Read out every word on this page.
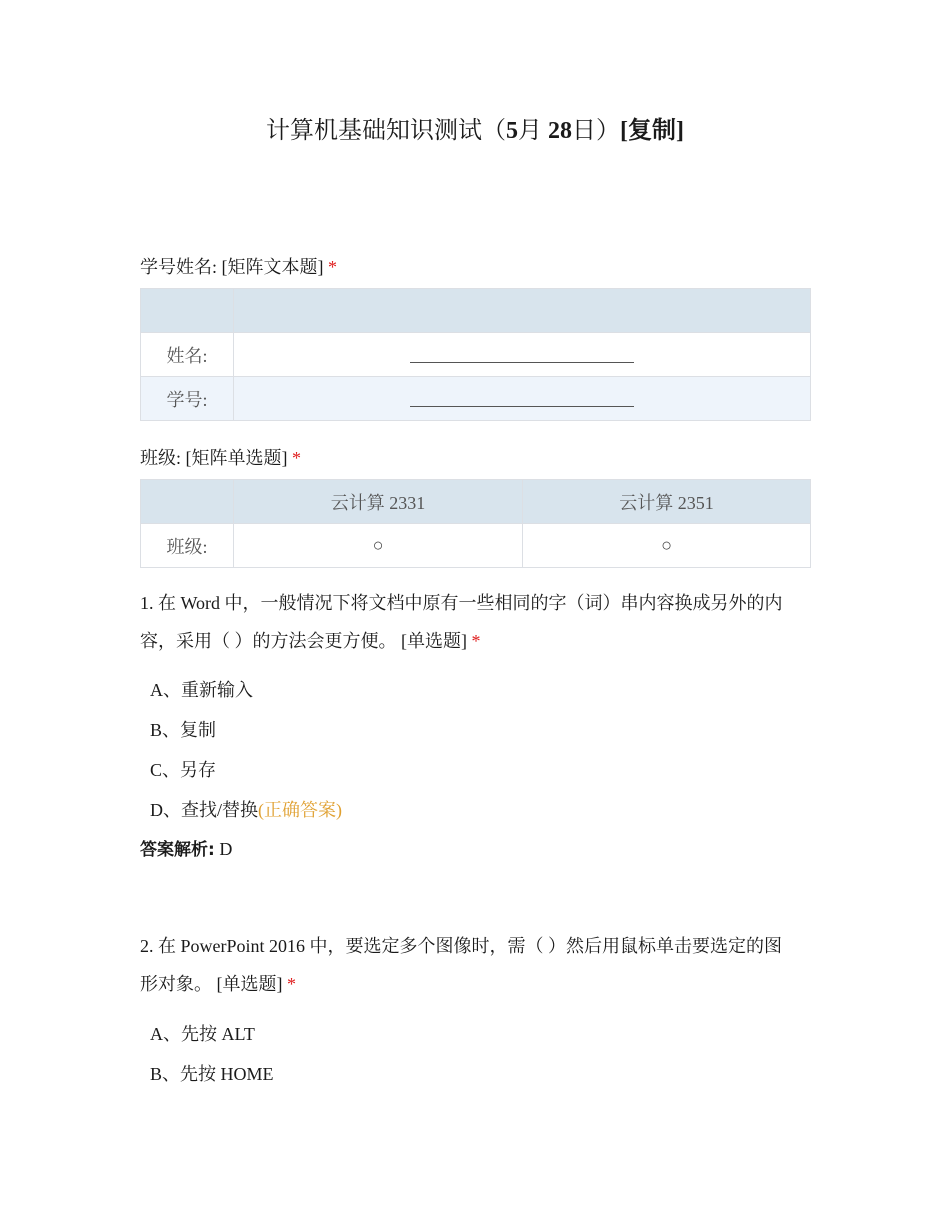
计算机基础知识测试（5月 28日）[复制]
学号姓名: [矩阵文本题] *

姓名:	
学号:	
班级: [矩阵单选题] *
	云计算 2331	云计算 2351
班级:	○	○
1. 在 Word 中，一般情况下将文档中原有一些相同的字（词）串内容换成另外的内
容，采用（ ）的方法会更方便。 [单选题] *
A、重新输入
B、复制
C、另存
D、查找/替换(正确答案)
答案解析: D
2. 在 PowerPoint 2016 中，要选定多个图像时，需（ ）然后用鼠标单击要选定的图
形对象。 [单选题] *
A、先按 ALT
B、先按 HOME
